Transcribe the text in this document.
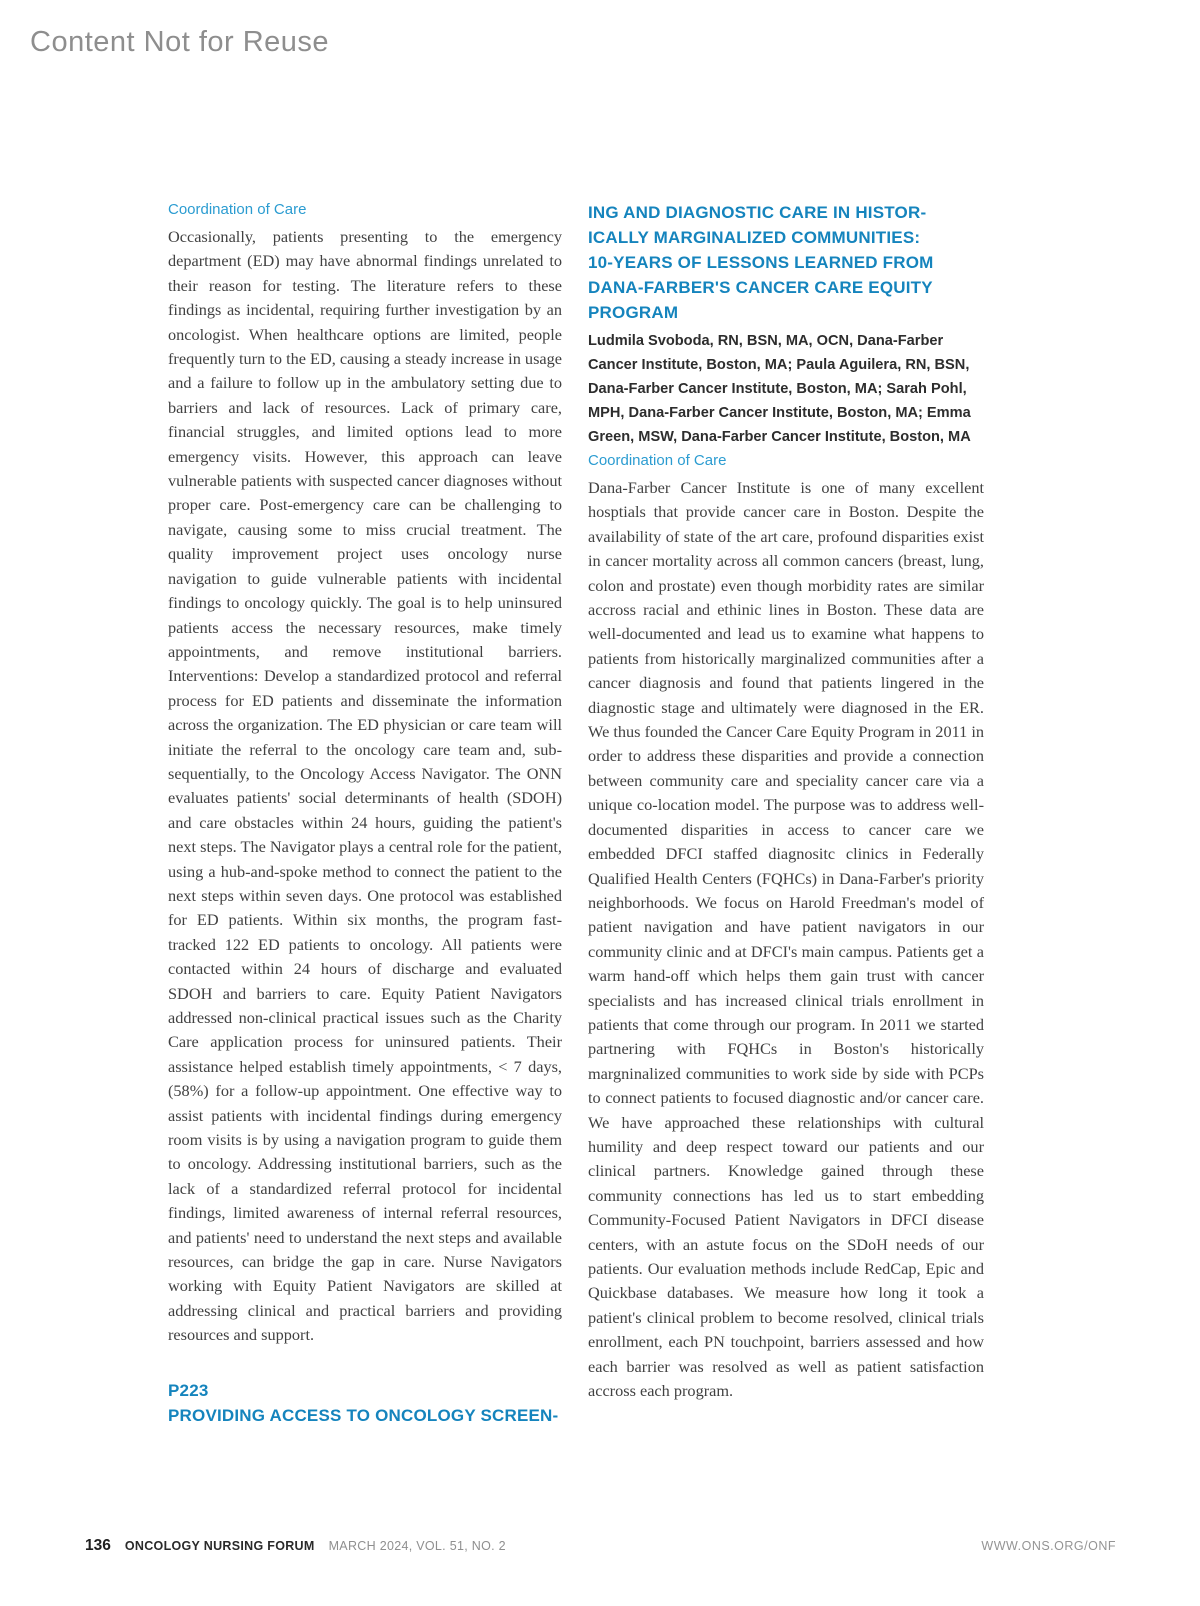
Content Not for Reuse
Coordination of Care

Occasionally, patients presenting to the emergency department (ED) may have abnormal findings unrelated to their reason for testing. The literature refers to these findings as incidental, requiring further investigation by an oncologist. When healthcare options are limited, people frequently turn to the ED, causing a steady increase in usage and a failure to follow up in the ambulatory setting due to barriers and lack of resources. Lack of primary care, financial struggles, and limited options lead to more emergency visits. However, this approach can leave vulnerable patients with suspected cancer diagnoses without proper care. Post-emergency care can be challenging to navigate, causing some to miss crucial treatment. The quality improvement project uses oncology nurse navigation to guide vulnerable patients with incidental findings to oncology quickly. The goal is to help uninsured patients access the necessary resources, make timely appointments, and remove institutional barriers. Interventions: Develop a standardized protocol and referral process for ED patients and disseminate the information across the organization. The ED physician or care team will initiate the referral to the oncology care team and, sub-sequentially, to the Oncology Access Navigator. The ONN evaluates patients' social determinants of health (SDOH) and care obstacles within 24 hours, guiding the patient's next steps. The Navigator plays a central role for the patient, using a hub-and-spoke method to connect the patient to the next steps within seven days. One protocol was established for ED patients. Within six months, the program fast-tracked 122 ED patients to oncology. All patients were contacted within 24 hours of discharge and evaluated SDOH and barriers to care. Equity Patient Navigators addressed non-clinical practical issues such as the Charity Care application process for uninsured patients. Their assistance helped establish timely appointments, < 7 days, (58%) for a follow-up appointment. One effective way to assist patients with incidental findings during emergency room visits is by using a navigation program to guide them to oncology. Addressing institutional barriers, such as the lack of a standardized referral protocol for incidental findings, limited awareness of internal referral resources, and patients' need to understand the next steps and available resources, can bridge the gap in care. Nurse Navigators working with Equity Patient Navigators are skilled at addressing clinical and practical barriers and providing resources and support.

P223
PROVIDING ACCESS TO ONCOLOGY SCREEN-
ING AND DIAGNOSTIC CARE IN HISTOR-
ICALLY MARGINALIZED COMMUNITIES:
10-YEARS OF LESSONS LEARNED FROM
DANA-FARBER'S CANCER CARE EQUITY
PROGRAM
Ludmila Svoboda, RN, BSN, MA, OCN, Dana-Farber Cancer Institute, Boston, MA; Paula Aguilera, RN, BSN, Dana-Farber Cancer Institute, Boston, MA; Sarah Pohl, MPH, Dana-Farber Cancer Institute, Boston, MA; Emma Green, MSW, Dana-Farber Cancer Institute, Boston, MA
Coordination of Care

Dana-Farber Cancer Institute is one of many excellent hosptials that provide cancer care in Boston. Despite the availability of state of the art care, profound disparities exist in cancer mortality across all common cancers (breast, lung, colon and prostate) even though morbidity rates are similar accross racial and ethinic lines in Boston. These data are well-documented and lead us to examine what happens to patients from historically marginalized communities after a cancer diagnosis and found that patients lingered in the diagnostic stage and ultimately were diagnosed in the ER. We thus founded the Cancer Care Equity Program in 2011 in order to address these disparities and provide a connection between community care and speciality cancer care via a unique co-location model. The purpose was to address well-documented disparities in access to cancer care we embedded DFCI staffed diagnositc clinics in Federally Qualified Health Centers (FQHCs) in Dana-Farber's priority neighborhoods. We focus on Harold Freedman's model of patient navigation and have patient navigators in our community clinic and at DFCI's main campus. Patients get a warm hand-off which helps them gain trust with cancer specialists and has increased clinical trials enrollment in patients that come through our program. In 2011 we started partnering with FQHCs in Boston's historically margninalized communities to work side by side with PCPs to connect patients to focused diagnostic and/or cancer care. We have approached these relationships with cultural humility and deep respect toward our patients and our clinical partners. Knowledge gained through these community connections has led us to start embedding Community-Focused Patient Navigators in DFCI disease centers, with an astute focus on the SDoH needs of our patients. Our evaluation methods include RedCap, Epic and Quickbase databases. We measure how long it took a patient's clinical problem to become resolved, clinical trials enrollment, each PN touchpoint, barriers assessed and how each barrier was resolved as well as patient satisfaction accross each program.

136 ONCOLOGY NURSING FORUM MARCH 2024, VOL. 51, NO. 2	WWW.ONS.ORG/ONF
